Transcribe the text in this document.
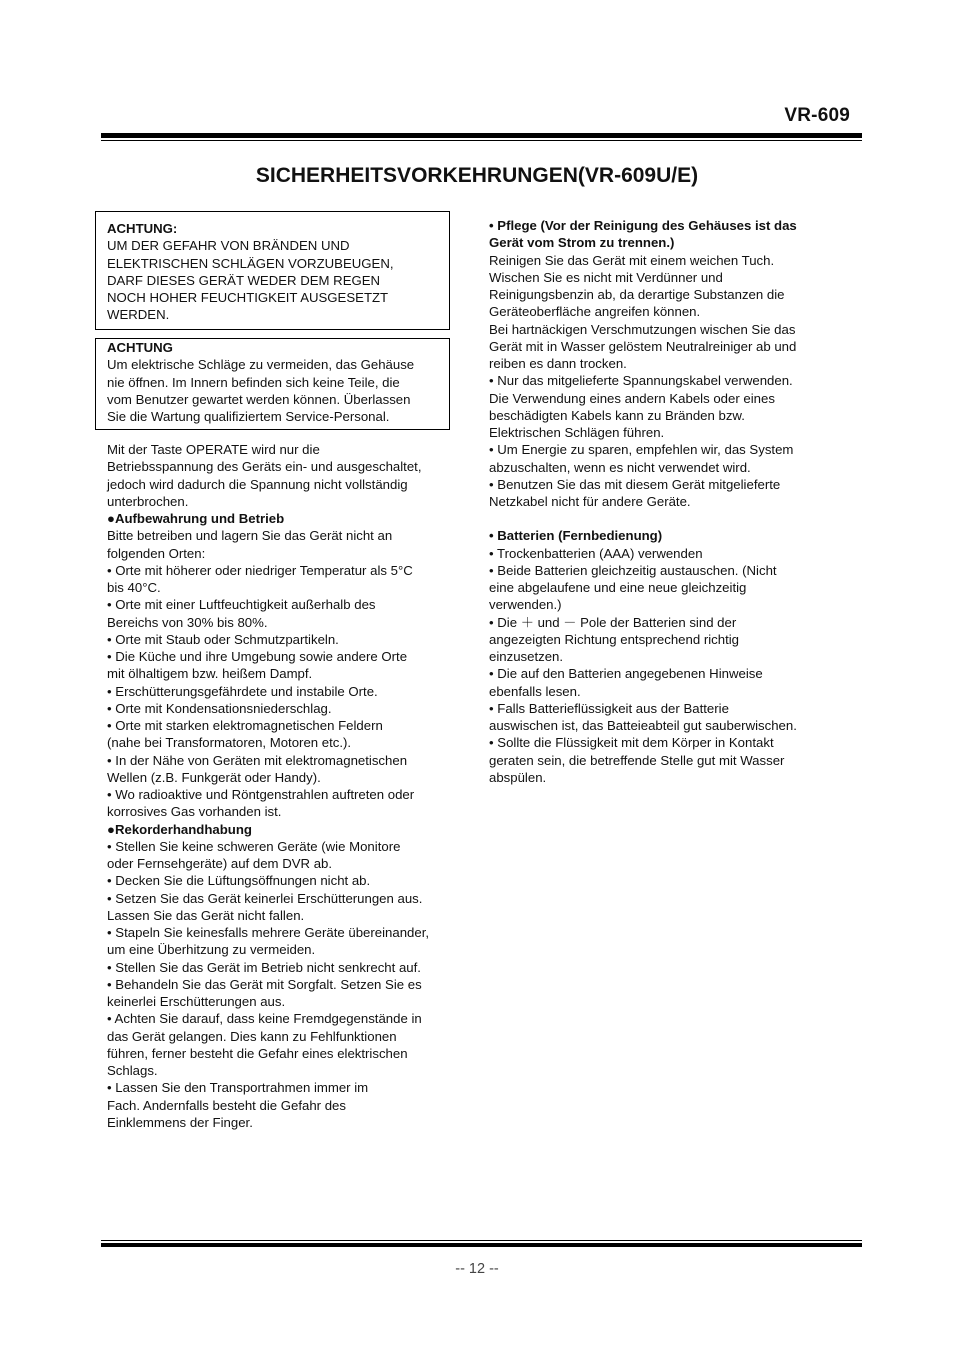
VR-609
SICHERHEITSVORKEHRUNGEN(VR-609U/E)
ACHTUNG:

UM DER GEFAHR VON BRÄNDEN UND

ELEKTRISCHEN SCHLÄGEN VORZUBEUGEN,

DARF DIESES GERÄT WEDER DEM REGEN

NOCH HOHER FEUCHTIGKEIT AUSGESETZT

WERDEN.

ACHTUNG

Um elektrische Schläge zu vermeiden, das Gehäuse

nie öffnen. Im Innern befinden sich keine Teile, die

vom Benutzer gewartet werden können. Überlassen

Sie die Wartung qualifiziertem Service-Personal.

Mit der Taste OPERATE wird nur die

Betriebsspannung des Geräts ein- und ausgeschaltet,

jedoch wird dadurch die Spannung nicht vollständig

unterbrochen.

●Aufbewahrung und Betrieb

Bitte betreiben und lagern Sie das Gerät nicht an

folgenden Orten:

• Orte mit höherer oder niedriger Temperatur als 5°C

bis 40°C.

• Orte mit einer Luftfeuchtigkeit außerhalb des

Bereichs von 30% bis 80%.

• Orte mit Staub oder Schmutzpartikeln.

• Die Küche und ihre Umgebung sowie andere Orte

mit ölhaltigem bzw. heißem Dampf.

• Erschütterungsgefährdete und instabile Orte.

• Orte mit Kondensationsniederschlag.

• Orte mit starken elektromagnetischen Feldern

(nahe bei Transformatoren, Motoren etc.).

• In der Nähe von Geräten mit elektromagnetischen

Wellen (z.B. Funkgerät oder Handy).

• Wo radioaktive und Röntgenstrahlen auftreten oder

korrosives Gas vorhanden ist.

●Rekorderhandhabung

• Stellen Sie keine schweren Geräte (wie Monitore

oder Fernsehgeräte) auf dem DVR ab.

• Decken Sie die Lüftungsöffnungen nicht ab.

• Setzen Sie das Gerät keinerlei Erschütterungen aus.

Lassen Sie das Gerät nicht fallen.

• Stapeln Sie keinesfalls mehrere Geräte übereinander,

um eine Überhitzung zu vermeiden.

• Stellen Sie das Gerät im Betrieb nicht senkrecht auf.

• Behandeln Sie das Gerät mit Sorgfalt. Setzen Sie es

keinerlei Erschütterungen aus.

• Achten Sie darauf, dass keine Fremdgegenstände in

das Gerät gelangen. Dies kann zu Fehlfunktionen

führen, ferner besteht die Gefahr eines elektrischen

Schlags.

• Lassen Sie den Transportrahmen immer im

Fach. Andernfalls besteht die Gefahr des

Einklemmens der Finger.

• Pflege (Vor der Reinigung des Gehäuses ist das

Gerät vom Strom zu trennen.)

Reinigen Sie das Gerät mit einem weichen Tuch.

Wischen Sie es nicht mit Verdünner und

Reinigungsbenzin ab, da derartige Substanzen die

Geräteoberfläche angreifen können.

Bei hartnäckigen Verschmutzungen wischen Sie das

Gerät mit in Wasser gelöstem Neutralreiniger ab und

reiben es dann trocken.

• Nur das mitgelieferte Spannungskabel verwenden.

Die Verwendung eines andern Kabels oder eines

beschädigten Kabels kann zu Bränden bzw.

Elektrischen Schlägen führen.

• Um Energie zu sparen, empfehlen wir, das System

abzuschalten, wenn es nicht verwendet wird.

• Benutzen Sie das mit diesem Gerät mitgelieferte

Netzkabel nicht für andere Geräte.

• Batterien (Fernbedienung)

• Trockenbatterien (AAA) verwenden

• Beide Batterien gleichzeitig austauschen. (Nicht

eine abgelaufene und eine neue gleichzeitig

verwenden.)

• Die ＋ und － Pole der Batterien sind der

angezeigten Richtung entsprechend richtig

einzusetzen.

• Die auf den Batterien angegebenen Hinweise

ebenfalls lesen.

• Falls Batterieflüssigkeit aus der Batterie

auswischen ist, das Batteieabteil gut sauberwischen.

• Sollte die Flüssigkeit mit dem Körper in Kontakt

geraten sein, die betreffende Stelle gut mit Wasser

abspülen.

-- 12 --
